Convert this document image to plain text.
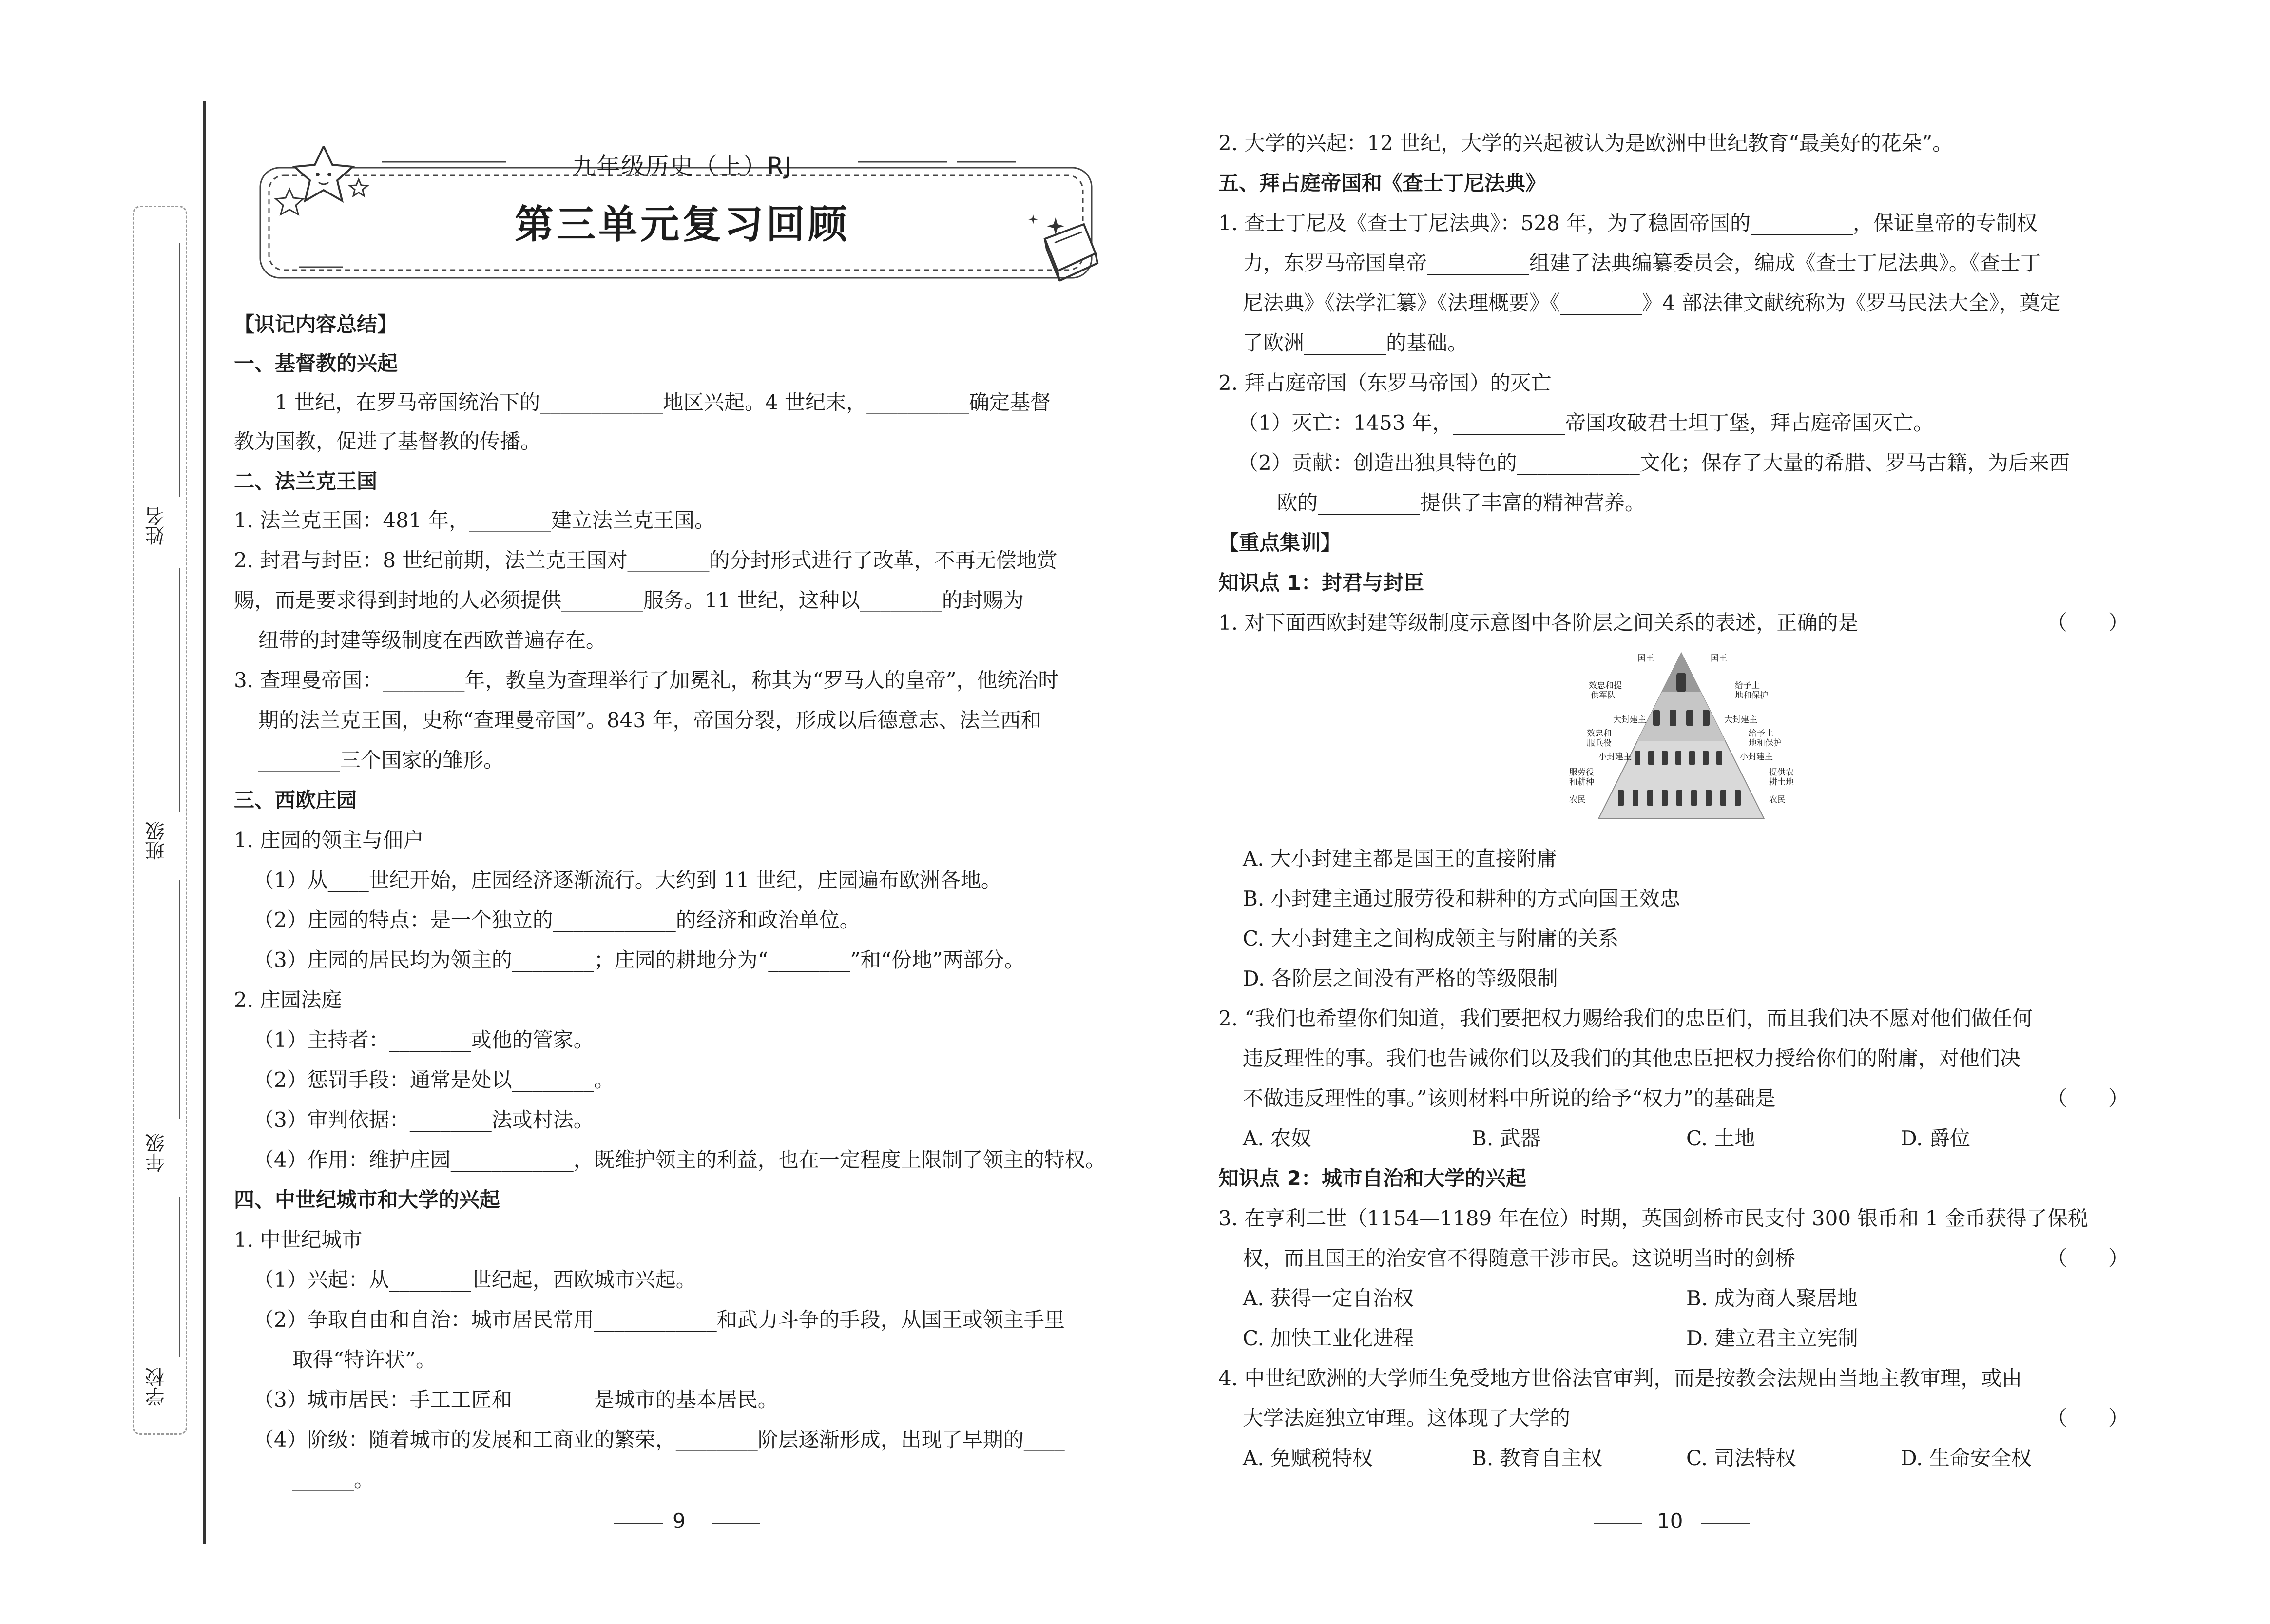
姓名
班级
年级
学校
九年级历史（上）RJ
第三单元复习回顾
【识记内容总结】
一、基督教的兴起
　　1 世纪，在罗马帝国统治下的____________地区兴起。4 世纪末，__________确定基督
教为国教，促进了基督教的传播。
二、法兰克王国
1. 法兰克王国：481 年，________建立法兰克王国。
2. 封君与封臣：8 世纪前期，法兰克王国对________的分封形式进行了改革，不再无偿地赏
赐，而是要求得到封地的人必须提供________服务。11 世纪，这种以________的封赐为
纽带的封建等级制度在西欧普遍存在。
3. 查理曼帝国：________年，教皇为查理举行了加冕礼，称其为“罗马人的皇帝”，他统治时
期的法兰克王国，史称“查理曼帝国”。843 年，帝国分裂，形成以后德意志、法兰西和
________三个国家的雏形。
三、西欧庄园
1. 庄园的领主与佃户
（1）从____世纪开始，庄园经济逐渐流行。大约到 11 世纪，庄园遍布欧洲各地。
（2）庄园的特点：是一个独立的____________的经济和政治单位。
（3）庄园的居民均为领主的________；庄园的耕地分为“________”和“份地”两部分。
2. 庄园法庭
（1）主持者：________或他的管家。
（2）惩罚手段：通常是处以________。
（3）审判依据：________法或村法。
（4）作用：维护庄园____________，既维护领主的利益，也在一定程度上限制了领主的特权。
四、中世纪城市和大学的兴起
1. 中世纪城市
（1）兴起：从________世纪起，西欧城市兴起。
（2）争取自由和自治：城市居民常用____________和武力斗争的手段，从国王或领主手里
取得“特许状”。
（3）城市居民：手工工匠和________是城市的基本居民。
（4）阶级：随着城市的发展和工商业的繁荣，________阶层逐渐形成，出现了早期的____
______。
9
2. 大学的兴起：12 世纪，大学的兴起被认为是欧洲中世纪教育“最美好的花朵”。
五、拜占庭帝国和《查士丁尼法典》
1. 查士丁尼及《查士丁尼法典》：528 年，为了稳固帝国的__________，保证皇帝的专制权
力，东罗马帝国皇帝__________组建了法典编纂委员会，编成《查士丁尼法典》。《查士丁
尼法典》《法学汇纂》《法理概要》《________》4 部法律文献统称为《罗马民法大全》，奠定
了欧洲________的基础。
2. 拜占庭帝国（东罗马帝国）的灭亡
（1）灭亡：1453 年，___________帝国攻破君士坦丁堡，拜占庭帝国灭亡。
（2）贡献：创造出独具特色的____________文化；保存了大量的希腊、罗马古籍，为后来西
欧的__________提供了丰富的精神营养。
【重点集训】
知识点 1：封君与封臣
1. 对下面西欧封建等级制度示意图中各阶层之间关系的表述，正确的是	（　　）
国王	国王
效忠和提
供军队
大封建主
效忠和
服兵役
小封建主
服劳役
和耕种
农民
给予土
地和保护
大封建主
给予土
地和保护
小封建主
提供农
耕土地
农民
A. 大小封建主都是国王的直接附庸
B. 小封建主通过服劳役和耕种的方式向国王效忠
C. 大小封建主之间构成领主与附庸的关系
D. 各阶层之间没有严格的等级限制
2. “我们也希望你们知道，我们要把权力赐给我们的忠臣们，而且我们决不愿对他们做任何
违反理性的事。我们也告诫你们以及我们的其他忠臣把权力授给你们的附庸，对他们决
不做违反理性的事。”该则材料中所说的给予“权力”的基础是	（　　）
A. 农奴	B. 武器	C. 土地	D. 爵位
知识点 2：城市自治和大学的兴起
3. 在亨利二世（1154—1189 年在位）时期，英国剑桥市民支付 300 银币和 1 金币获得了保税
权，而且国王的治安官不得随意干涉市民。这说明当时的剑桥	（　　）
A. 获得一定自治权	B. 成为商人聚居地
C. 加快工业化进程	D. 建立君主立宪制
4. 中世纪欧洲的大学师生免受地方世俗法官审判，而是按教会法规由当地主教审理，或由
大学法庭独立审理。这体现了大学的	（　　）
A. 免赋税特权	B. 教育自主权	C. 司法特权	D. 生命安全权
10
